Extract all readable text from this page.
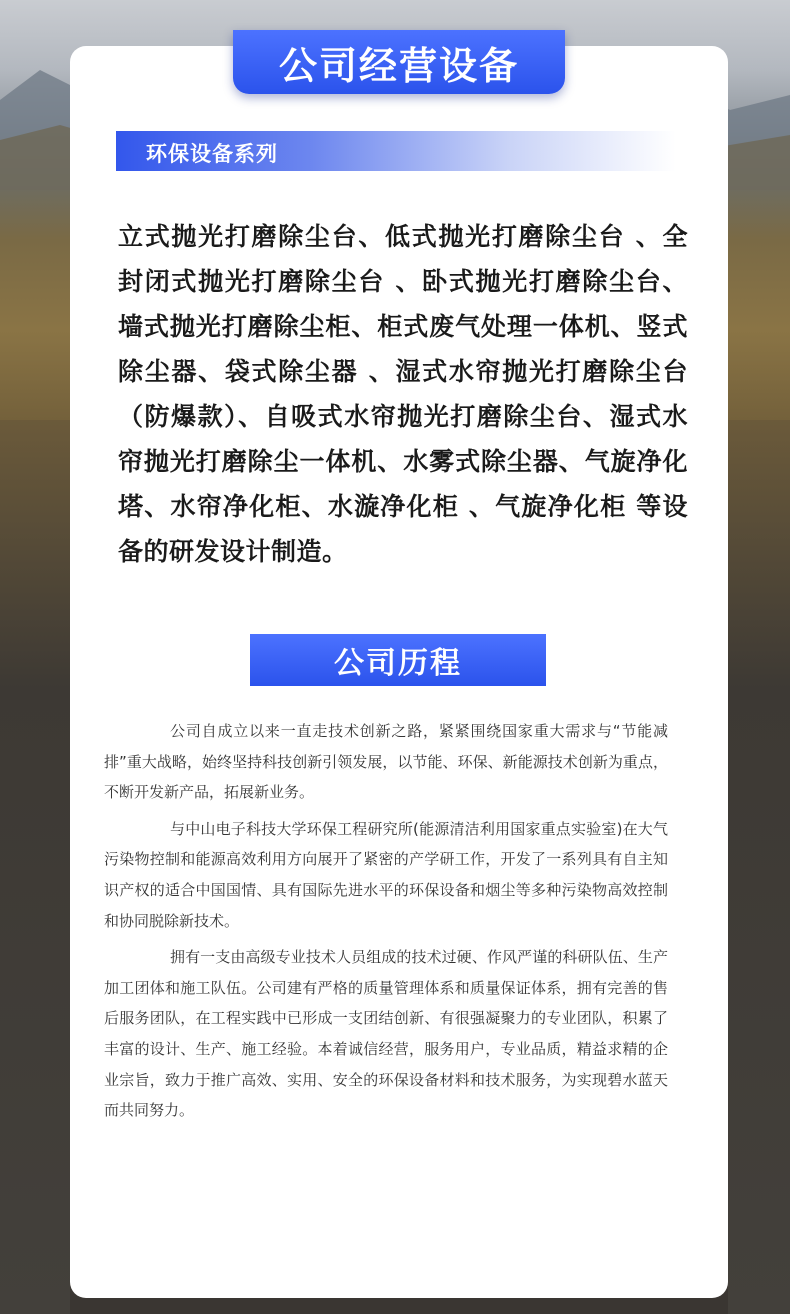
公司经营设备
环保设备系列

立式抛光打磨除尘台、低式抛光打磨除尘台 、全封闭式抛光打磨除尘台 、卧式抛光打磨除尘台、墙式抛光打磨除尘柜、柜式废气处理一体机、竖式除尘器、袋式除尘器 、湿式水帘抛光打磨除尘台（防爆款）、自吸式水帘抛光打磨除尘台、湿式水帘抛光打磨除尘一体机、水雾式除尘器、气旋净化塔、水帘净化柜、水漩净化柜 、气旋净化柜 等设备的研发设计制造。

公司历程

公司自成立以来一直走技术创新之路，紧紧围绕国家重大需求与“节能减排”重大战略，始终坚持科技创新引领发展，以节能、环保、新能源技术创新为重点，不断开发新产品，拓展新业务。

与中山电子科技大学环保工程研究所(能源清洁利用国家重点实验室)在大气污染物控制和能源高效利用方向展开了紧密的产学研工作，开发了一系列具有自主知识产权的适合中国国情、具有国际先进水平的环保设备和烟尘等多种污染物高效控制和协同脱除新技术。

拥有一支由高级专业技术人员组成的技术过硬、作风严谨的科研队伍、生产加工团体和施工队伍。公司建有严格的质量管理体系和质量保证体系，拥有完善的售后服务团队，在工程实践中已形成一支团结创新、有很强凝聚力的专业团队，积累了丰富的设计、生产、施工经验。本着诚信经营，服务用户，专业品质，精益求精的企业宗旨，致力于推广高效、实用、安全的环保设备材料和技术服务，为实现碧水蓝天而共同努力。
